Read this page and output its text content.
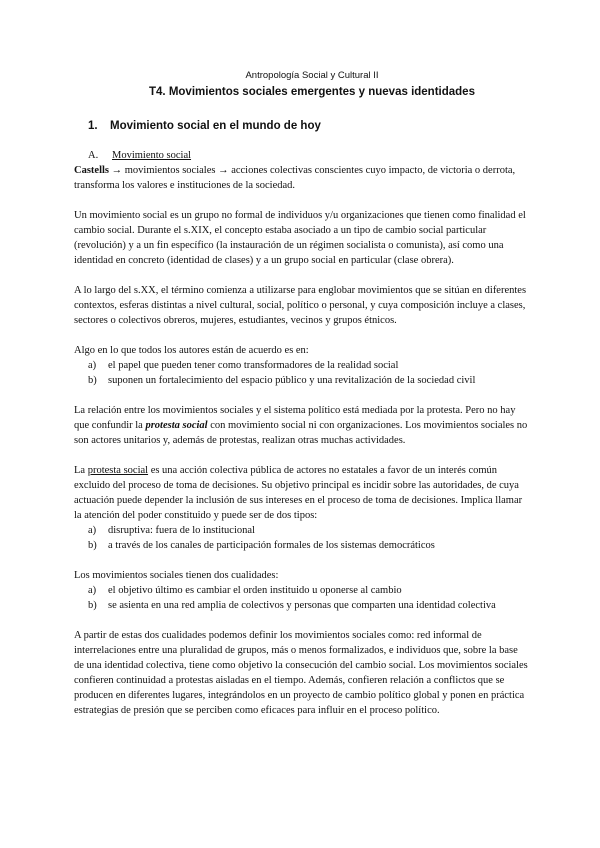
Antropología Social y Cultural II
T4. Movimientos sociales emergentes y nuevas identidades
1. Movimiento social en el mundo de hoy
A. Movimiento social

Castells → movimientos sociales → acciones colectivas conscientes cuyo impacto, de victoria o derrota, transforma los valores e instituciones de la sociedad.

Un movimiento social es un grupo no formal de individuos y/u organizaciones que tienen como finalidad el cambio social. Durante el s.XIX, el concepto estaba asociado a un tipo de cambio social particular (revolución) y a un fin específico (la instauración de un régimen socialista o comunista), así como una identidad en concreto (identidad de clases) y a un grupo social en particular (clase obrera).

A lo largo del s.XX, el término comienza a utilizarse para englobar movimientos que se sitúan en diferentes contextos, esferas distintas a nivel cultural, social, político o personal, y cuya composición incluye a clases, sectores o colectivos obreros, mujeres, estudiantes, vecinos y grupos étnicos.

Algo en lo que todos los autores están de acuerdo es en:

a) el papel que pueden tener como transformadores de la realidad social
b) suponen un fortalecimiento del espacio público y una revitalización de la sociedad civil

La relación entre los movimientos sociales y el sistema político está mediada por la protesta. Pero no hay que confundir la protesta social con movimiento social ni con organizaciones. Los movimientos sociales no son actores unitarios y, además de protestas, realizan otras muchas actividades.

La protesta social es una acción colectiva pública de actores no estatales a favor de un interés común excluido del proceso de toma de decisiones. Su objetivo principal es incidir sobre las autoridades, de cuya actuación puede depender la inclusión de sus intereses en el proceso de toma de decisiones. Implica llamar la atención del poder constituido y puede ser de dos tipos:

a) disruptiva: fuera de lo institucional
b) a través de los canales de participación formales de los sistemas democráticos

Los movimientos sociales tienen dos cualidades:

a) el objetivo último es cambiar el orden instituido u oponerse al cambio
b) se asienta en una red amplia de colectivos y personas que comparten una identidad colectiva

A partir de estas dos cualidades podemos definir los movimientos sociales como: red informal de interrelaciones entre una pluralidad de grupos, más o menos formalizados, e individuos que, sobre la base de una identidad colectiva, tiene como objetivo la consecución del cambio social. Los movimientos sociales confieren continuidad a protestas aisladas en el tiempo. Además, confieren relación a conflictos que se producen en diferentes lugares, integrándolos en un proyecto de cambio político global y ponen en práctica estrategias de presión que se perciben como eficaces para influir en el proceso político.
